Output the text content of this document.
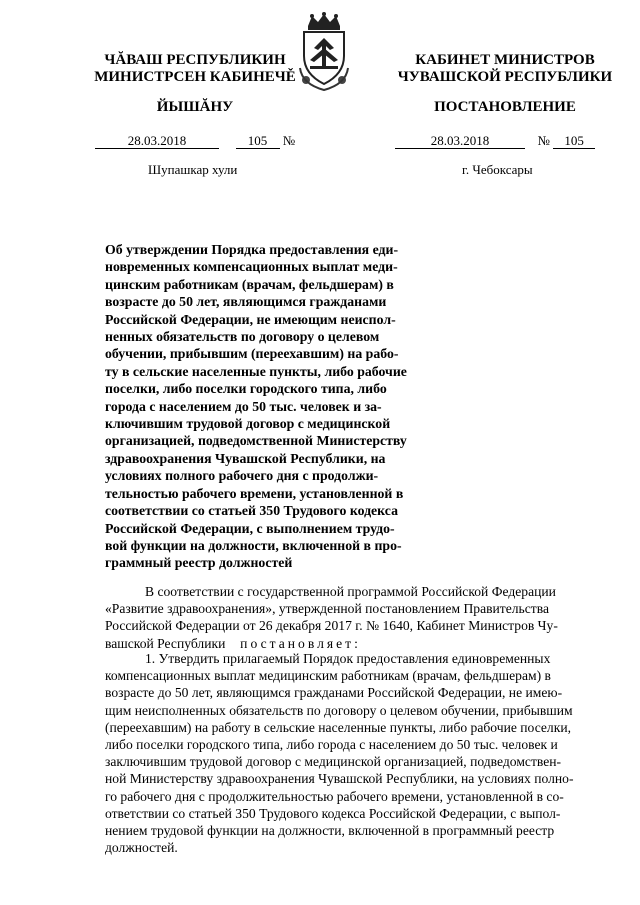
ЧĂВАШ РЕСПУБЛИКИН
МИНИСТРСЕН КАБИНЕЧĚ
ЙЫШĂНУ
КАБИНЕТ МИНИСТРОВ
ЧУВАШСКОЙ РЕСПУБЛИКИ
ПОСТАНОВЛЕНИЕ
28.03.2018	105 №	28.03.2018	№ 105
Шупашкар хули	г. Чебоксары
Об утверждении Порядка предоставления еди-
новременных компенсационных выплат меди-
цинским работникам (врачам, фельдшерам) в
возрасте до 50 лет, являющимся гражданами
Российской Федерации, не имеющим неиспол-
ненных обязательств по договору о целевом
обучении, прибывшим (переехавшим) на рабо-
ту в сельские населенные пункты, либо рабочие
поселки, либо поселки городского типа, либо
города с населением до 50 тыс. человек и за-
ключившим трудовой договор с медицинской
организацией, подведомственной Министерству
здравоохранения Чувашской Республики, на
условиях полного рабочего дня с продолжи-
тельностью рабочего времени, установленной в
соответствии со статьей 350 Трудового кодекса
Российской Федерации, с выполнением трудо-
вой функции на должности, включенной в про-
граммный реестр должностей
В соответствии с государственной программой Российской Федерации
«Развитие здравоохранения», утвержденной постановлением Правительства
Российской Федерации от 26 декабря 2017 г. № 1640, Кабинет Министров Чу-
вашской Республики постановляет:
1. Утвердить прилагаемый Порядок предоставления единовременных
компенсационных выплат медицинским работникам (врачам, фельдшерам) в
возрасте до 50 лет, являющимся гражданами Российской Федерации, не имею-
щим неисполненных обязательств по договору о целевом обучении, прибывшим
(переехавшим) на работу в сельские населенные пункты, либо рабочие поселки,
либо поселки городского типа, либо города с населением до 50 тыс. человек и
заключившим трудовой договор с медицинской организацией, подведомствен-
ной Министерству здравоохранения Чувашской Республики, на условиях полно-
го рабочего дня с продолжительностью рабочего времени, установленной в со-
ответствии со статьей 350 Трудового кодекса Российской Федерации, с выпол-
нением трудовой функции на должности, включенной в программный реестр
должностей.
